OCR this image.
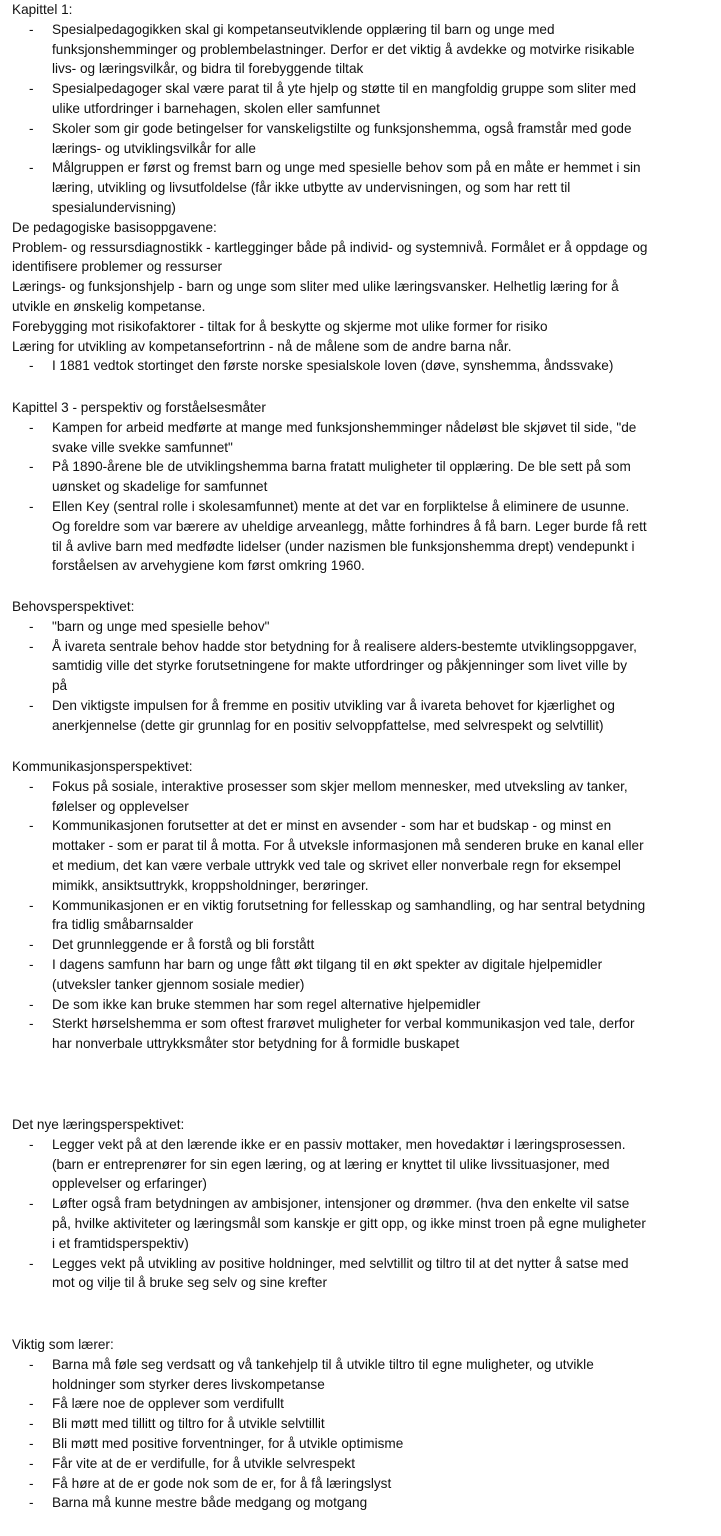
Kapittel 1:
- Spesialpedagogikken skal gi kompetanseutviklende opplæring til barn og unge med
funksjonshemminger og problembelastninger. Derfor er det viktig å avdekke og motvirke risikable
livs- og læringsvilkår, og bidra til forebyggende tiltak
- Spesialpedagoger skal være parat til å yte hjelp og støtte til en mangfoldig gruppe som sliter med
ulike utfordringer i barnehagen, skolen eller samfunnet
- Skoler som gir gode betingelser for vanskeligstilte og funksjonshemma, også framstår med gode
lærings- og utviklingsvilkår for alle
- Målgruppen er først og fremst barn og unge med spesielle behov som på en måte er hemmet i sin
læring, utvikling og livsutfoldelse (får ikke utbytte av undervisningen, og som har rett til
spesialundervisning)
De pedagogiske basisoppgavene:
Problem- og ressursdiagnostikk - kartlegginger både på individ- og systemnivå. Formålet er å oppdage og
identifisere problemer og ressurser
Lærings- og funksjonshjelp - barn og unge som sliter med ulike læringsvansker. Helhetlig læring for å
utvikle en ønskelig kompetanse.
Forebygging mot risikofaktorer - tiltak for å beskytte og skjerme mot ulike former for risiko
Læring for utvikling av kompetansefortrinn - nå de målene som de andre barna når.
- I 1881 vedtok stortinget den første norske spesialskole loven (døve, synshemma, åndssvake)
Kapittel 3 - perspektiv og forståelsesmåter
- Kampen for arbeid medførte at mange med funksjonshemminger nådeløst ble skjøvet til side, "de
svake ville svekke samfunnet"
- På 1890-årene ble de utviklingshemma barna fratatt muligheter til opplæring. De ble sett på som
uønsket og skadelige for samfunnet
- Ellen Key (sentral rolle i skolesamfunnet) mente at det var en forpliktelse å eliminere de usunne.
Og foreldre som var bærere av uheldige arveanlegg, måtte forhindres å få barn. Leger burde få rett
til å avlive barn med medfødte lidelser (under nazismen ble funksjonshemma drept) vendepunkt i
forståelsen av arvehygiene kom først omkring 1960.
Behovsperspektivet:
- "barn og unge med spesielle behov"
- Å ivareta sentrale behov hadde stor betydning for å realisere alders-bestemte utviklingsoppgaver,
samtidig ville det styrke forutsetningene for makte utfordringer og påkjenninger som livet ville by
på
- Den viktigste impulsen for å fremme en positiv utvikling var å ivareta behovet for kjærlighet og
anerkjennelse (dette gir grunnlag for en positiv selvoppfattelse, med selvrespekt og selvtillit)
Kommunikasjonsperspektivet:
- Fokus på sosiale, interaktive prosesser som skjer mellom mennesker, med utveksling av tanker,
følelser og opplevelser
- Kommunikasjonen forutsetter at det er minst en avsender - som har et budskap - og minst en
mottaker - som er parat til å motta. For å utveksle informasjonen må senderen bruke en kanal eller
et medium, det kan være verbale uttrykk ved tale og skrivet eller nonverbale regn for eksempel
mimikk, ansiktsuttrykk, kroppsholdninger, berøringer.
- Kommunikasjonen er en viktig forutsetning for fellesskap og samhandling, og har sentral betydning
fra tidlig småbarnsalder
- Det grunnleggende er å forstå og bli forstått
- I dagens samfunn har barn og unge fått økt tilgang til en økt spekter av digitale hjelpemidler
(utveksler tanker gjennom sosiale medier)
- De som ikke kan bruke stemmen har som regel alternative hjelpemidler
- Sterkt hørselshemma er som oftest frarøvet muligheter for verbal kommunikasjon ved tale, derfor
har nonverbale uttrykksmåter stor betydning for å formidle buskapet
Det nye læringsperspektivet:
- Legger vekt på at den lærende ikke er en passiv mottaker, men hovedaktør i læringsprosessen.
(barn er entreprenører for sin egen læring, og at læring er knyttet til ulike livssituasjoner, med
opplevelser og erfaringer)
- Løfter også fram betydningen av ambisjoner, intensjoner og drømmer. (hva den enkelte vil satse
på, hvilke aktiviteter og læringsmål som kanskje er gitt opp, og ikke minst troen på egne muligheter
i et framtidsperspektiv)
- Legges vekt på utvikling av positive holdninger, med selvtillit og tiltro til at det nytter å satse med
mot og vilje til å bruke seg selv og sine krefter
Viktig som lærer:
- Barna må føle seg verdsatt og vå tankehjelp til å utvikle tiltro til egne muligheter, og utvikle
holdninger som styrker deres livskompetanse
- Få lære noe de opplever som verdifullt
- Bli møtt med tillitt og tiltro for å utvikle selvtillit
- Bli møtt med positive forventninger, for å utvikle optimisme
- Får vite at de er verdifulle, for å utvikle selvrespekt
- Få høre at de er gode nok som de er, for å få læringslyst
- Barna må kunne mestre både medgang og motgang
